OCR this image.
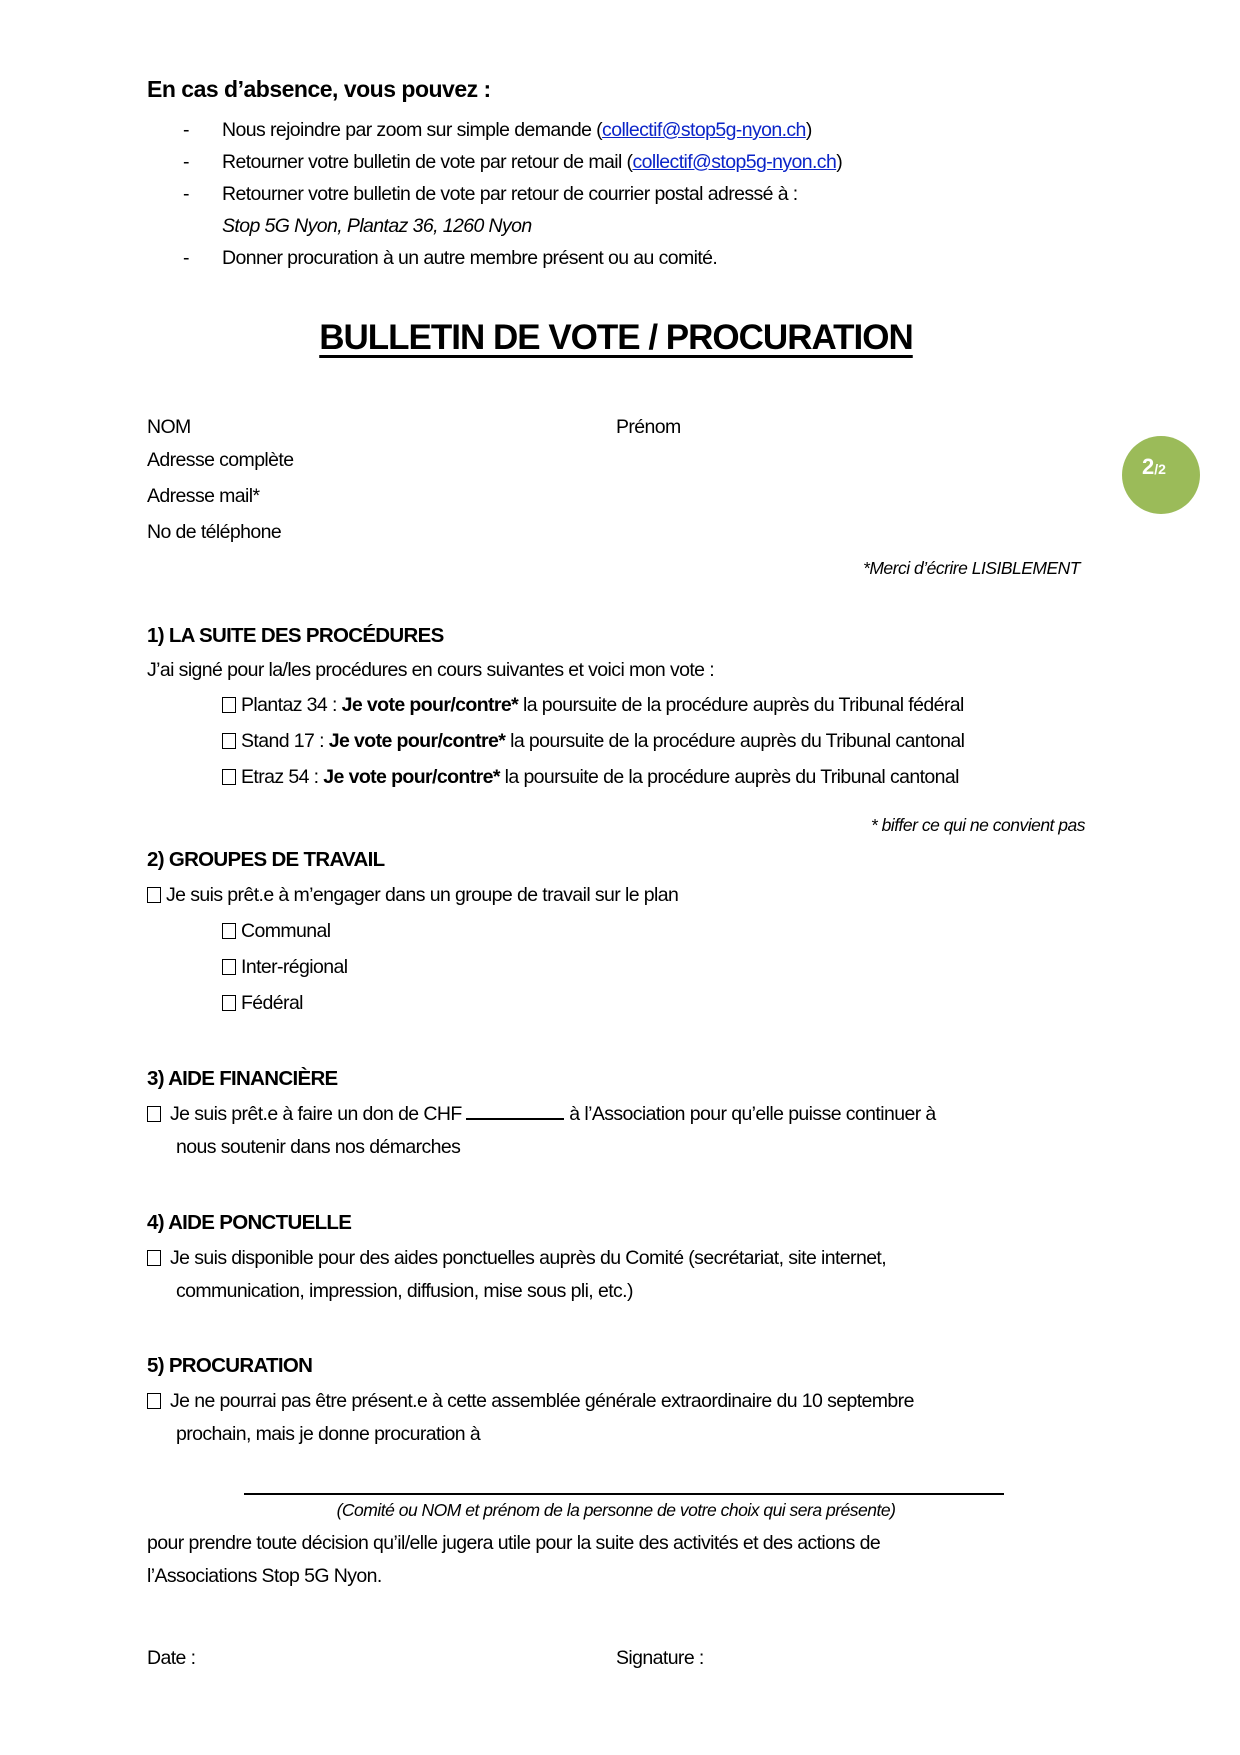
En cas d’absence, vous pouvez :
- Nous rejoindre par zoom sur simple demande (collectif@stop5g-nyon.ch)
- Retourner votre bulletin de vote par retour de mail (collectif@stop5g-nyon.ch)
- Retourner votre bulletin de vote par retour de courrier postal adressé à :
Stop 5G Nyon, Plantaz 36, 1260 Nyon
- Donner procuration à un autre membre présent ou au comité.
BULLETIN DE VOTE / PROCURATION
2/2
NOM	Prénom
Adresse complète
Adresse mail*
No de téléphone
*Merci d’écrire LISIBLEMENT
1) LA SUITE DES PROCÉDURES
J’ai signé pour la/les procédures en cours suivantes et voici mon vote :
Plantaz 34 : Je vote pour/contre* la poursuite de la procédure auprès du Tribunal fédéral
Stand 17 : Je vote pour/contre* la poursuite de la procédure auprès du Tribunal cantonal
Etraz 54 : Je vote pour/contre* la poursuite de la procédure auprès du Tribunal cantonal
* biffer ce qui ne convient pas
2) GROUPES DE TRAVAIL
Je suis prêt.e à m’engager dans un groupe de travail sur le plan
Communal
Inter-régional
Fédéral
3) AIDE FINANCIÈRE
Je suis prêt.e à faire un don de CHF	à l’Association pour qu’elle puisse continuer à
nous soutenir dans nos démarches
4) AIDE PONCTUELLE
Je suis disponible pour des aides ponctuelles auprès du Comité (secrétariat, site internet,
communication, impression, diffusion, mise sous pli, etc.)
5) PROCURATION
Je ne pourrai pas être présent.e à cette assemblée générale extraordinaire du 10 septembre
prochain, mais je donne procuration à
(Comité ou NOM et prénom de la personne de votre choix qui sera présente)
pour prendre toute décision qu’il/elle jugera utile pour la suite des activités et des actions de
l’Associations Stop 5G Nyon.
Date :	Signature :
